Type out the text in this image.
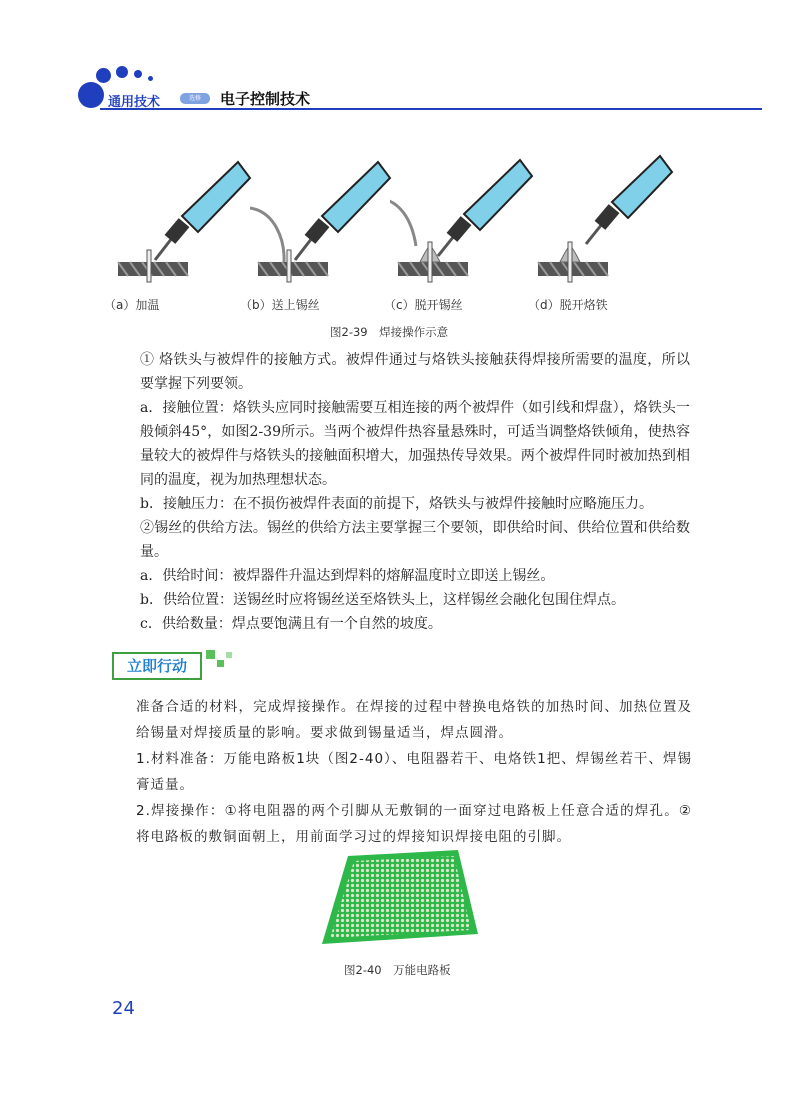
通用技术	选修	电子控制技术
（a）加温	（b）送上锡丝	（c）脱开锡丝	（d）脱开烙铁
图2-39　焊接操作示意
① 烙铁头与被焊件的接触方式。被焊件通过与烙铁头接触获得焊接所需要的温度，所以要掌握下列要领。
a．接触位置：烙铁头应同时接触需要互相连接的两个被焊件（如引线和焊盘），烙铁头一般倾斜45°，如图2-39所示。当两个被焊件热容量悬殊时，可适当调整烙铁倾角，使热容量较大的被焊件与烙铁头的接触面积增大，加强热传导效果。两个被焊件同时被加热到相同的温度，视为加热理想状态。
b．接触压力：在不损伤被焊件表面的前提下，烙铁头与被焊件接触时应略施压力。
②锡丝的供给方法。锡丝的供给方法主要掌握三个要领，即供给时间、供给位置和供给数量。
a．供给时间：被焊器件升温达到焊料的熔解温度时立即送上锡丝。
b．供给位置：送锡丝时应将锡丝送至烙铁头上，这样锡丝会融化包围住焊点。
c．供给数量：焊点要饱满且有一个自然的坡度。
立即行动
准备合适的材料，完成焊接操作。在焊接的过程中替换电烙铁的加热时间、加热位置及给锡量对焊接质量的影响。要求做到锡量适当，焊点圆滑。
1.材料准备：万能电路板1块（图2-40）、电阻器若干、电烙铁1把、焊锡丝若干、焊锡膏适量。
2.焊接操作：①将电阻器的两个引脚从无敷铜的一面穿过电路板上任意合适的焊孔。②将电路板的敷铜面朝上，用前面学习过的焊接知识焊接电阻的引脚。
图2-40　万能电路板
24
